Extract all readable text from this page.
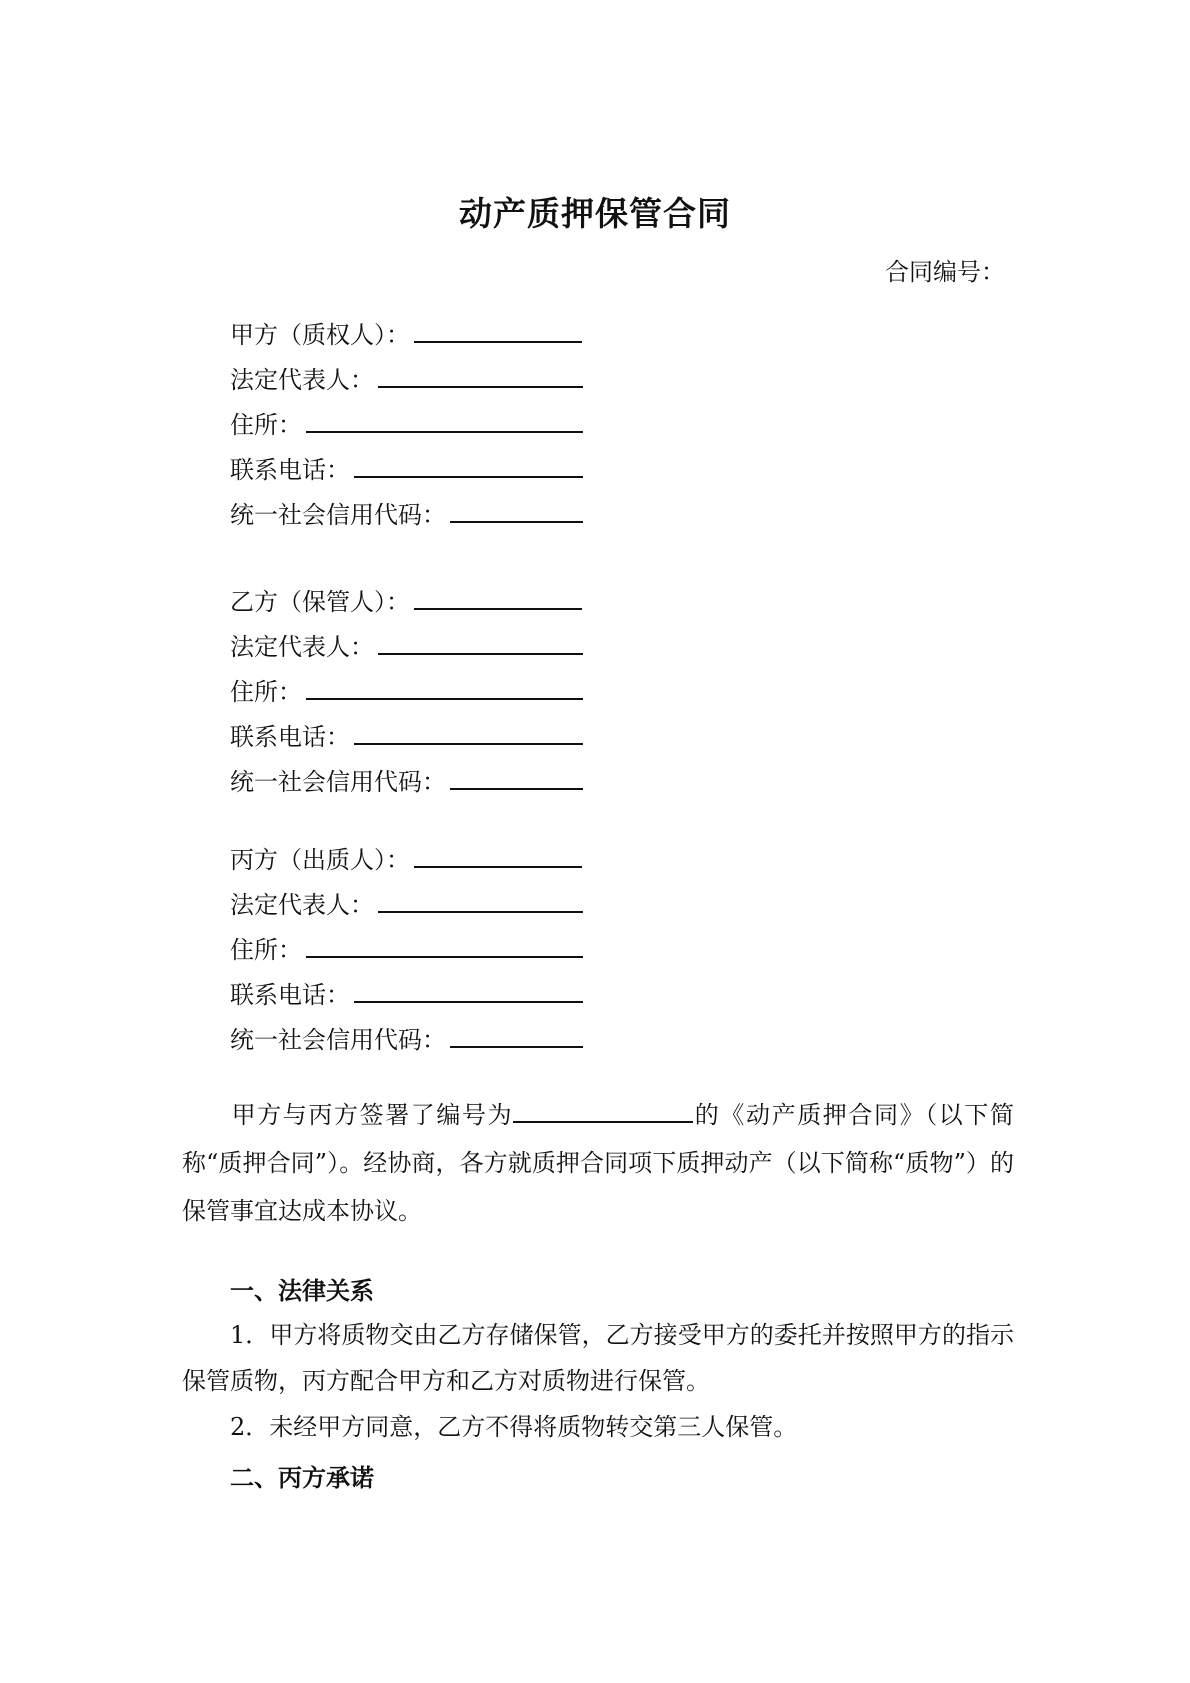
动产质押保管合同
合同编号：
甲方（质权人）：
法定代表人：
住所：
联系电话：
统一社会信用代码：
乙方（保管人）：
法定代表人：
住所：
联系电话：
统一社会信用代码：
丙方（出质人）：
法定代表人：
住所：
联系电话：
统一社会信用代码：
甲方与丙方签署了编号为	的《动产质押合同》（以下简称“质押合同”）。经协商，各方就质押合同项下质押动产（以下简称“质物”）的保管事宜达成本协议。
一、法律关系
1．甲方将质物交由乙方存储保管，乙方接受甲方的委托并按照甲方的指示保管质物，丙方配合甲方和乙方对质物进行保管。
2．未经甲方同意，乙方不得将质物转交第三人保管。
二、丙方承诺
